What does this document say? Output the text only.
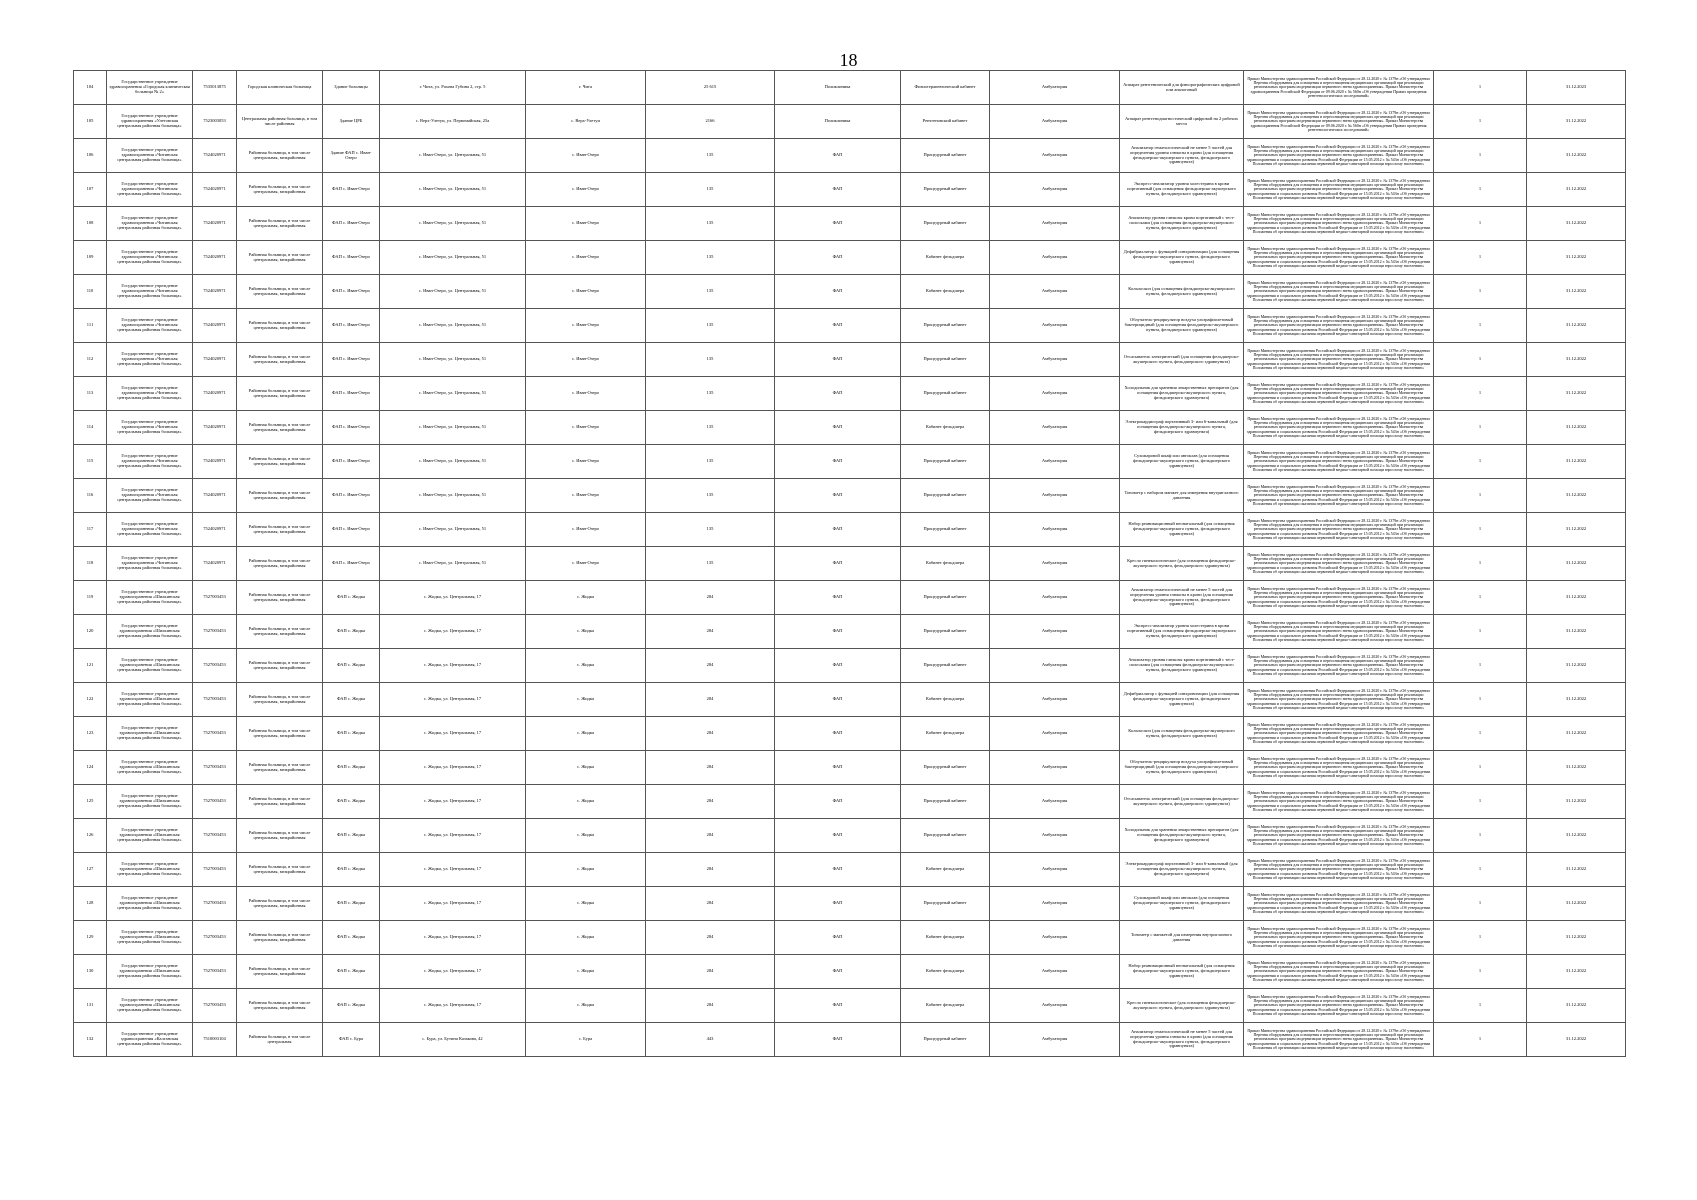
18
104	Государственное учреждение здравоохранения «Городская клиническая больница № 2»	7535013875	Городская клиническая больница	Здание больницы	г. Чита, ул. Рахова Губина 2, стр. 5	г. Чита	25 615	Поликлиника	Физиотерапевтический кабинет	Амбулатория	Аппарат рентгенический для флюорографических цифровой или аналоговый	Приказ Министерства здравоохранения Российской Федерации от 28.12.2020 г. № 1379н «Об утверждении Перечня оборудования для оснащения и переоснащения медицинских организаций при реализации региональных программ модернизации первичного звена здравоохранения». Приказ Министерства здравоохранения Российской Федерации от 09.06.2020 г. № 560н «Об утверждении Правил проведения рентгенологических исследований»	1	31.12.2023
105	Государственное учреждение здравоохранения «Улетовская центральная районная больница»	7523003053	Центральная районная больница, в том числе районная	Здание ЦРБ	с. Верх-Улетуи, ул. Первомайская, 25а	с. Верх-Улетуи	2166	Поликлиника	Рентгеновский кабинет	Амбулатория	Аппарат рентгенодиагностический цифровой на 2 рабочих места	Приказ Министерства здравоохранения Российской Федерации от 28.12.2020 г. № 1379н «Об утверждении Перечня оборудования для оснащения и переоснащения медицинских организаций при реализации региональных программ модернизации первичного звена здравоохранения». Приказ Министерства здравоохранения Российской Федерации от 09.06.2020 г. № 560н «Об утверждении Правил проведения рентгенологических исследований»	1	31.12.2022
106	Государственное учреждение здравоохранения «Читинская центральная районная больница»	7524020971	Районная больница, в том числе центральная, межрайонная	Здание ФАП с. Иван-Озеро	с. Иван-Озеро, ул. Центральная, 51	с. Иван-Озеро	135	ФАП	Процедурный кабинет	Амбулатория	Анализатор гематологический не менее 5 частей для определения уровня глюкозы в крови (для оснащения фельдшерско-акушерского пункта, фельдшерского здравпункта)	Приказ Министерства здравоохранения Российской Федерации от 28.12.2020 г. № 1379н «Об утверждении Перечня оборудования для оснащения и переоснащения медицинских организаций при реализации региональных программ модернизации первичного звена здравоохранения». Приказ Министерства здравоохранения и социального развития Российской Федерации от 15.05.2012 г. № 543н «Об утверждении Положения об организации оказания первичной медико-санитарной помощи взрослому населению»	1	31.12.2022
107	Государственное учреждение здравоохранения «Читинская центральная районная больница»	7524020971	Районная больница, в том числе центральная, межрайонная	ФАП с. Иван-Озеро	с. Иван-Озеро, ул. Центральная, 51	с. Иван-Озеро	135	ФАП	Процедурный кабинет	Амбулатория	Экспресс-анализатор уровня холестерина в крови портативный (для оснащения фельдшерско-акушерского пункта, фельдшерского здравпункта)	Приказ Министерства здравоохранения Российской Федерации от 28.12.2020 г. № 1379н «Об утверждении Перечня оборудования для оснащения и переоснащения медицинских организаций при реализации региональных программ модернизации первичного звена здравоохранения». Приказ Министерства здравоохранения и социального развития Российской Федерации от 15.05.2012 г. № 543н «Об утверждении Положения об организации оказания первичной медико-санитарной помощи взрослому населению»	1	31.12.2022
108	Государственное учреждение здравоохранения «Читинская центральная районная больница»	7524020971	Районная больница, в том числе центральная, межрайонная	ФАП с. Иван-Озеро	с. Иван-Озеро, ул. Центральная, 51	с. Иван-Озеро	135	ФАП	Процедурный кабинет	Амбулатория	Анализатор уровня глюкозы крови портативный с тест-полосками (для оснащения фельдшерско-акушерского пункта, фельдшерского здравпункта)	Приказ Министерства здравоохранения Российской Федерации от 28.12.2020 г. № 1379н «Об утверждении Перечня оборудования для оснащения и переоснащения медицинских организаций при реализации региональных программ модернизации первичного звена здравоохранения». Приказ Министерства здравоохранения и социального развития Российской Федерации от 15.05.2012 г. № 543н «Об утверждении Положения об организации оказания первичной медико-санитарной помощи взрослому населению»	1	31.12.2022
109	Государственное учреждение здравоохранения «Читинская центральная районная больница»	7524020971	Районная больница, в том числе центральная, межрайонная	ФАП с. Иван-Озеро	с. Иван-Озеро, ул. Центральная, 51	с. Иван-Озеро	135	ФАП	Кабинет фельдшера	Амбулатория	Дефибриллятор с функцией синхронизации (для оснащения фельдшерско-акушерского пункта, фельдшерского здравпункта)	Приказ Министерства здравоохранения Российской Федерации от 28.12.2020 г. № 1379н «Об утверждении Перечня оборудования для оснащения и переоснащения медицинских организаций при реализации региональных программ модернизации первичного звена здравоохранения». Приказ Министерства здравоохранения и социального развития Российской Федерации от 15.05.2012 г. № 543н «Об утверждении Положения об организации оказания первичной медико-санитарной помощи взрослому населению»	1	31.12.2022
110	Государственное учреждение здравоохранения «Читинская центральная районная больница»	7524020971	Районная больница, в том числе центральная, межрайонная	ФАП с. Иван-Озеро	с. Иван-Озеро, ул. Центральная, 51	с. Иван-Озеро	135	ФАП	Кабинет фельдшера	Амбулатория	Кольпоскоп (для оснащения фельдшерско-акушерского пункта, фельдшерского здравпункта)	Приказ Министерства здравоохранения Российской Федерации от 28.12.2020 г. № 1379н «Об утверждении Перечня оборудования для оснащения и переоснащения медицинских организаций при реализации региональных программ модернизации первичного звена здравоохранения». Приказ Министерства здравоохранения и социального развития Российской Федерации от 15.05.2012 г. № 543н «Об утверждении Положения об организации оказания первичной медико-санитарной помощи взрослому населению»	1	31.12.2022
111	Государственное учреждение здравоохранения «Читинская центральная районная больница»	7524020971	Районная больница, в том числе центральная, межрайонная	ФАП с. Иван-Озеро	с. Иван-Озеро, ул. Центральная, 51	с. Иван-Озеро	135	ФАП	Процедурный кабинет	Амбулатория	Облучатель-рециркулятор воздуха ультрафиолетовый бактерицидный (для оснащения фельдшерско-акушерского пункта, фельдшерского здравпункта)	Приказ Министерства здравоохранения Российской Федерации от 28.12.2020 г. № 1379н «Об утверждении Перечня оборудования для оснащения и переоснащения медицинских организаций при реализации региональных программ модернизации первичного звена здравоохранения». Приказ Министерства здравоохранения и социального развития Российской Федерации от 15.05.2012 г. № 543н «Об утверждении Положения об организации оказания первичной медико-санитарной помощи взрослому населению»	1	31.12.2022
112	Государственное учреждение здравоохранения «Читинская центральная районная больница»	7524020971	Районная больница, в том числе центральная, межрайонная	ФАП с. Иван-Озеро	с. Иван-Озеро, ул. Центральная, 51	с. Иван-Озеро	135	ФАП	Процедурный кабинет	Амбулатория	Отсасыватель электрический (для оснащения фельдшерско-акушерского пункта, фельдшерского здравпункта)	Приказ Министерства здравоохранения Российской Федерации от 28.12.2020 г. № 1379н «Об утверждении Перечня оборудования для оснащения и переоснащения медицинских организаций при реализации региональных программ модернизации первичного звена здравоохранения». Приказ Министерства здравоохранения и социального развития Российской Федерации от 15.05.2012 г. № 543н «Об утверждении Положения об организации оказания первичной медико-санитарной помощи взрослому населению»	1	31.12.2022
113	Государственное учреждение здравоохранения «Читинская центральная районная больница»	7524020971	Районная больница, в том числе центральная, межрайонная	ФАП с. Иван-Озеро	с. Иван-Озеро, ул. Центральная, 51	с. Иван-Озеро	135	ФАП	Процедурный кабинет	Амбулатория	Холодильник для хранения лекарственных препаратов (для оснащения фельдшерско-акушерского пункта, фельдшерского здравпункта)	Приказ Министерства здравоохранения Российской Федерации от 28.12.2020 г. № 1379н «Об утверждении Перечня оборудования для оснащения и переоснащения медицинских организаций при реализации региональных программ модернизации первичного звена здравоохранения». Приказ Министерства здравоохранения и социального развития Российской Федерации от 15.05.2012 г. № 543н «Об утверждении Положения об организации оказания первичной медико-санитарной помощи взрослому населению»	1	31.12.2022
114	Государственное учреждение здравоохранения «Читинская центральная районная больница»	7524020971	Районная больница, в том числе центральная, межрайонная	ФАП с. Иван-Озеро	с. Иван-Озеро, ул. Центральная, 51	с. Иван-Озеро	135	ФАП	Кабинет фельдшера	Амбулатория	Электрокардиограф портативный 3- или 6-канальный (для оснащения фельдшерско-акушерского пункта, фельдшерского здравпункта)	Приказ Министерства здравоохранения Российской Федерации от 28.12.2020 г. № 1379н «Об утверждении Перечня оборудования для оснащения и переоснащения медицинских организаций при реализации региональных программ модернизации первичного звена здравоохранения». Приказ Министерства здравоохранения и социального развития Российской Федерации от 15.05.2012 г. № 543н «Об утверждении Положения об организации оказания первичной медико-санитарной помощи взрослому населению»	1	31.12.2022
115	Государственное учреждение здравоохранения «Читинская центральная районная больница»	7524020971	Районная больница, в том числе центральная, межрайонная	ФАП с. Иван-Озеро	с. Иван-Озеро, ул. Центральная, 51	с. Иван-Озеро	135	ФАП	Процедурный кабинет	Амбулатория	Сухожаровой шкаф или автоклав (для оснащения фельдшерско-акушерского пункта, фельдшерского здравпункта)	Приказ Министерства здравоохранения Российской Федерации от 28.12.2020 г. № 1379н «Об утверждении Перечня оборудования для оснащения и переоснащения медицинских организаций при реализации региональных программ модернизации первичного звена здравоохранения». Приказ Министерства здравоохранения и социального развития Российской Федерации от 15.05.2012 г. № 543н «Об утверждении Положения об организации оказания первичной медико-санитарной помощи взрослому населению»	1	31.12.2022
116	Государственное учреждение здравоохранения «Читинская центральная районная больница»	7524020971	Районная больница, в том числе центральная, межрайонная	ФАП с. Иван-Озеро	с. Иван-Озеро, ул. Центральная, 51	с. Иван-Озеро	135	ФАП	Процедурный кабинет	Амбулатория	Тонометр с набором манжет для измерения внутриглазного давления	Приказ Министерства здравоохранения Российской Федерации от 28.12.2020 г. № 1379н «Об утверждении Перечня оборудования для оснащения и переоснащения медицинских организаций при реализации региональных программ модернизации первичного звена здравоохранения». Приказ Министерства здравоохранения и социального развития Российской Федерации от 15.05.2012 г. № 543н «Об утверждении Положения об организации оказания первичной медико-санитарной помощи взрослому населению»	1	31.12.2022
117	Государственное учреждение здравоохранения «Читинская центральная районная больница»	7524020971	Районная больница, в том числе центральная, межрайонная	ФАП с. Иван-Озеро	с. Иван-Озеро, ул. Центральная, 51	с. Иван-Озеро	135	ФАП	Процедурный кабинет	Амбулатория	Набор реанимационный неонатальный (для оснащения фельдшерско-акушерского пункта, фельдшерского здравпункта)	Приказ Министерства здравоохранения Российской Федерации от 28.12.2020 г. № 1379н «Об утверждении Перечня оборудования для оснащения и переоснащения медицинских организаций при реализации региональных программ модернизации первичного звена здравоохранения». Приказ Министерства здравоохранения и социального развития Российской Федерации от 15.05.2012 г. № 543н «Об утверждении Положения об организации оказания первичной медико-санитарной помощи взрослому населению»	1	31.12.2022
118	Государственное учреждение здравоохранения «Читинская центральная районная больница»	7524020971	Районная больница, в том числе центральная, межрайонная	ФАП с. Иван-Озеро	с. Иван-Озеро, ул. Центральная, 51	с. Иван-Озеро	135	ФАП	Кабинет фельдшера	Амбулатория	Кресло гинекологическое (для оснащения фельдшерско-акушерского пункта, фельдшерского здравпункта)	Приказ Министерства здравоохранения Российской Федерации от 28.12.2020 г. № 1379н «Об утверждении Перечня оборудования для оснащения и переоснащения медицинских организаций при реализации региональных программ модернизации первичного звена здравоохранения». Приказ Министерства здравоохранения и социального развития Российской Федерации от 15.05.2012 г. № 543н «Об утверждении Положения об организации оказания первичной медико-санитарной помощи взрослому населению»	1	31.12.2022
119	Государственное учреждение здравоохранения «Шилкинская центральная районная больница»	7527003453	Районная больница, в том числе центральная, межрайонная	ФАП с. Жидка	с. Жидка, ул. Центральная, 17	с. Жидка	284	ФАП	Процедурный кабинет	Амбулатория	Анализатор гематологический не менее 5 частей для определения уровня глюкозы в крови (для оснащения фельдшерско-акушерского пункта, фельдшерского здравпункта)	Приказ Министерства здравоохранения Российской Федерации от 28.12.2020 г. № 1379н «Об утверждении Перечня оборудования для оснащения и переоснащения медицинских организаций при реализации региональных программ модернизации первичного звена здравоохранения». Приказ Министерства здравоохранения и социального развития Российской Федерации от 15.05.2012 г. № 543н «Об утверждении Положения об организации оказания первичной медико-санитарной помощи взрослому населению»	1	31.12.2022
120	Государственное учреждение здравоохранения «Шилкинская центральная районная больница»	7527003453	Районная больница, в том числе центральная, межрайонная	ФАП с. Жидка	с. Жидка, ул. Центральная, 17	с. Жидка	284	ФАП	Процедурный кабинет	Амбулатория	Экспресс-анализатор уровня холестерина в крови портативный (для оснащения фельдшерско-акушерского пункта, фельдшерского здравпункта)	Приказ Министерства здравоохранения Российской Федерации от 28.12.2020 г. № 1379н «Об утверждении Перечня оборудования для оснащения и переоснащения медицинских организаций при реализации региональных программ модернизации первичного звена здравоохранения». Приказ Министерства здравоохранения и социального развития Российской Федерации от 15.05.2012 г. № 543н «Об утверждении Положения об организации оказания первичной медико-санитарной помощи взрослому населению»	1	31.12.2022
121	Государственное учреждение здравоохранения «Шилкинская центральная районная больница»	7527003453	Районная больница, в том числе центральная, межрайонная	ФАП с. Жидка	с. Жидка, ул. Центральная, 17	с. Жидка	284	ФАП	Процедурный кабинет	Амбулатория	Анализатор уровня глюкозы крови портативный с тест-полосками (для оснащения фельдшерско-акушерского пункта, фельдшерского здравпункта)	Приказ Министерства здравоохранения Российской Федерации от 28.12.2020 г. № 1379н «Об утверждении Перечня оборудования для оснащения и переоснащения медицинских организаций при реализации региональных программ модернизации первичного звена здравоохранения». Приказ Министерства здравоохранения и социального развития Российской Федерации от 15.05.2012 г. № 543н «Об утверждении Положения об организации оказания первичной медико-санитарной помощи взрослому населению»	1	31.12.2022
122	Государственное учреждение здравоохранения «Шилкинская центральная районная больница»	7527003453	Районная больница, в том числе центральная, межрайонная	ФАП с. Жидка	с. Жидка, ул. Центральная, 17	с. Жидка	284	ФАП	Кабинет фельдшера	Амбулатория	Дефибриллятор с функцией синхронизации (для оснащения фельдшерско-акушерского пункта, фельдшерского здравпункта)	Приказ Министерства здравоохранения Российской Федерации от 28.12.2020 г. № 1379н «Об утверждении Перечня оборудования для оснащения и переоснащения медицинских организаций при реализации региональных программ модернизации первичного звена здравоохранения». Приказ Министерства здравоохранения и социального развития Российской Федерации от 15.05.2012 г. № 543н «Об утверждении Положения об организации оказания первичной медико-санитарной помощи взрослому населению»	1	31.12.2022
123	Государственное учреждение здравоохранения «Шилкинская центральная районная больница»	7527003453	Районная больница, в том числе центральная, межрайонная	ФАП с. Жидка	с. Жидка, ул. Центральная, 17	с. Жидка	284	ФАП	Кабинет фельдшера	Амбулатория	Кольпоскоп (для оснащения фельдшерско-акушерского пункта, фельдшерского здравпункта)	Приказ Министерства здравоохранения Российской Федерации от 28.12.2020 г. № 1379н «Об утверждении Перечня оборудования для оснащения и переоснащения медицинских организаций при реализации региональных программ модернизации первичного звена здравоохранения». Приказ Министерства здравоохранения и социального развития Российской Федерации от 15.05.2012 г. № 543н «Об утверждении Положения об организации оказания первичной медико-санитарной помощи взрослому населению»	1	31.12.2022
124	Государственное учреждение здравоохранения «Шилкинская центральная районная больница»	7527003453	Районная больница, в том числе центральная, межрайонная	ФАП с. Жидка	с. Жидка, ул. Центральная, 17	с. Жидка	284	ФАП	Процедурный кабинет	Амбулатория	Облучатель-рециркулятор воздуха ультрафиолетовый бактерицидный (для оснащения фельдшерско-акушерского пункта, фельдшерского здравпункта)	Приказ Министерства здравоохранения Российской Федерации от 28.12.2020 г. № 1379н «Об утверждении Перечня оборудования для оснащения и переоснащения медицинских организаций при реализации региональных программ модернизации первичного звена здравоохранения». Приказ Министерства здравоохранения и социального развития Российской Федерации от 15.05.2012 г. № 543н «Об утверждении Положения об организации оказания первичной медико-санитарной помощи взрослому населению»	1	31.12.2022
125	Государственное учреждение здравоохранения «Шилкинская центральная районная больница»	7527003453	Районная больница, в том числе центральная, межрайонная	ФАП с. Жидка	с. Жидка, ул. Центральная, 17	с. Жидка	284	ФАП	Процедурный кабинет	Амбулатория	Отсасыватель электрический (для оснащения фельдшерско-акушерского пункта, фельдшерского здравпункта)	Приказ Министерства здравоохранения Российской Федерации от 28.12.2020 г. № 1379н «Об утверждении Перечня оборудования для оснащения и переоснащения медицинских организаций при реализации региональных программ модернизации первичного звена здравоохранения». Приказ Министерства здравоохранения и социального развития Российской Федерации от 15.05.2012 г. № 543н «Об утверждении Положения об организации оказания первичной медико-санитарной помощи взрослому населению»	1	31.12.2022
126	Государственное учреждение здравоохранения «Шилкинская центральная районная больница»	7527003453	Районная больница, в том числе центральная, межрайонная	ФАП с. Жидка	с. Жидка, ул. Центральная, 17	с. Жидка	284	ФАП	Процедурный кабинет	Амбулатория	Холодильник для хранения лекарственных препаратов (для оснащения фельдшерско-акушерского пункта, фельдшерского здравпункта)	Приказ Министерства здравоохранения Российской Федерации от 28.12.2020 г. № 1379н «Об утверждении Перечня оборудования для оснащения и переоснащения медицинских организаций при реализации региональных программ модернизации первичного звена здравоохранения». Приказ Министерства здравоохранения и социального развития Российской Федерации от 15.05.2012 г. № 543н «Об утверждении Положения об организации оказания первичной медико-санитарной помощи взрослому населению»	1	31.12.2022
127	Государственное учреждение здравоохранения «Шилкинская центральная районная больница»	7527003453	Районная больница, в том числе центральная, межрайонная	ФАП с. Жидка	с. Жидка, ул. Центральная, 17	с. Жидка	284	ФАП	Кабинет фельдшера	Амбулатория	Электрокардиограф портативный 3- или 6-канальный (для оснащения фельдшерско-акушерского пункта, фельдшерского здравпункта)	Приказ Министерства здравоохранения Российской Федерации от 28.12.2020 г. № 1379н «Об утверждении Перечня оборудования для оснащения и переоснащения медицинских организаций при реализации региональных программ модернизации первичного звена здравоохранения». Приказ Министерства здравоохранения и социального развития Российской Федерации от 15.05.2012 г. № 543н «Об утверждении Положения об организации оказания первичной медико-санитарной помощи взрослому населению»	1	31.12.2022
128	Государственное учреждение здравоохранения «Шилкинская центральная районная больница»	7527003453	Районная больница, в том числе центральная, межрайонная	ФАП с. Жидка	с. Жидка, ул. Центральная, 17	с. Жидка	284	ФАП	Процедурный кабинет	Амбулатория	Сухожаровой шкаф или автоклав (для оснащения фельдшерско-акушерского пункта, фельдшерского здравпункта)	Приказ Министерства здравоохранения Российской Федерации от 28.12.2020 г. № 1379н «Об утверждении Перечня оборудования для оснащения и переоснащения медицинских организаций при реализации региональных программ модернизации первичного звена здравоохранения». Приказ Министерства здравоохранения и социального развития Российской Федерации от 15.05.2012 г. № 543н «Об утверждении Положения об организации оказания первичной медико-санитарной помощи взрослому населению»	1	31.12.2022
129	Государственное учреждение здравоохранения «Шилкинская центральная районная больница»	7527003453	Районная больница, в том числе центральная, межрайонная	ФАП с. Жидка	с. Жидка, ул. Центральная, 17	с. Жидка	284	ФАП	Кабинет фельдшера	Амбулатория	Тонометр с манжетой для измерения внутриглазного давления	Приказ Министерства здравоохранения Российской Федерации от 28.12.2020 г. № 1379н «Об утверждении Перечня оборудования для оснащения и переоснащения медицинских организаций при реализации региональных программ модернизации первичного звена здравоохранения». Приказ Министерства здравоохранения и социального развития Российской Федерации от 15.05.2012 г. № 543н «Об утверждении Положения об организации оказания первичной медико-санитарной помощи взрослому населению»	1	31.12.2022
130	Государственное учреждение здравоохранения «Шилкинская центральная районная больница»	7527003453	Районная больница, в том числе центральная, межрайонная	ФАП с. Жидка	с. Жидка, ул. Центральная, 17	с. Жидка	284	ФАП	Кабинет фельдшера	Амбулатория	Набор реанимационный неонатальный (для оснащения фельдшерско-акушерского пункта, фельдшерского здравпункта)	Приказ Министерства здравоохранения Российской Федерации от 28.12.2020 г. № 1379н «Об утверждении Перечня оборудования для оснащения и переоснащения медицинских организаций при реализации региональных программ модернизации первичного звена здравоохранения». Приказ Министерства здравоохранения и социального развития Российской Федерации от 15.05.2012 г. № 543н «Об утверждении Положения об организации оказания первичной медико-санитарной помощи взрослому населению»	1	31.12.2022
131	Государственное учреждение здравоохранения «Шилкинская центральная районная больница»	7527003453	Районная больница, в том числе центральная, межрайонная	ФАП с. Жидка	с. Жидка, ул. Центральная, 17	с. Жидка	284	ФАП	Кабинет фельдшера	Амбулатория	Кресло гинекологическое (для оснащения фельдшерско-акушерского пункта, фельдшерского здравпункта)	Приказ Министерства здравоохранения Российской Федерации от 28.12.2020 г. № 1379н «Об утверждении Перечня оборудования для оснащения и переоснащения медицинских организаций при реализации региональных программ модернизации первичного звена здравоохранения». Приказ Министерства здравоохранения и социального развития Российской Федерации от 15.05.2012 г. № 543н «Об утверждении Положения об организации оказания первичной медико-санитарной помощи взрослому населению»	1	31.12.2022
132	Государственное учреждение здравоохранения «Калганская центральная районная больница»	7510003104	Районная больница, в том числе центральная	ФАП с. Бура	с. Бура, ул. Бутина Казакова, 42	с. Бура	443	ФАП	Процедурный кабинет	Амбулатория	Анализатор гематологический не менее 5 частей для определения уровня глюкозы в крови (для оснащения фельдшерско-акушерского пункта, фельдшерского здравпункта)	Приказ Министерства здравоохранения Российской Федерации от 28.12.2020 г. № 1379н «Об утверждении Перечня оборудования для оснащения и переоснащения медицинских организаций при реализации региональных программ модернизации первичного звена здравоохранения». Приказ Министерства здравоохранения и социального развития Российской Федерации от 15.05.2012 г. № 543н «Об утверждении Положения об организации оказания первичной медико-санитарной помощи взрослому населению»	1	31.12.2022
